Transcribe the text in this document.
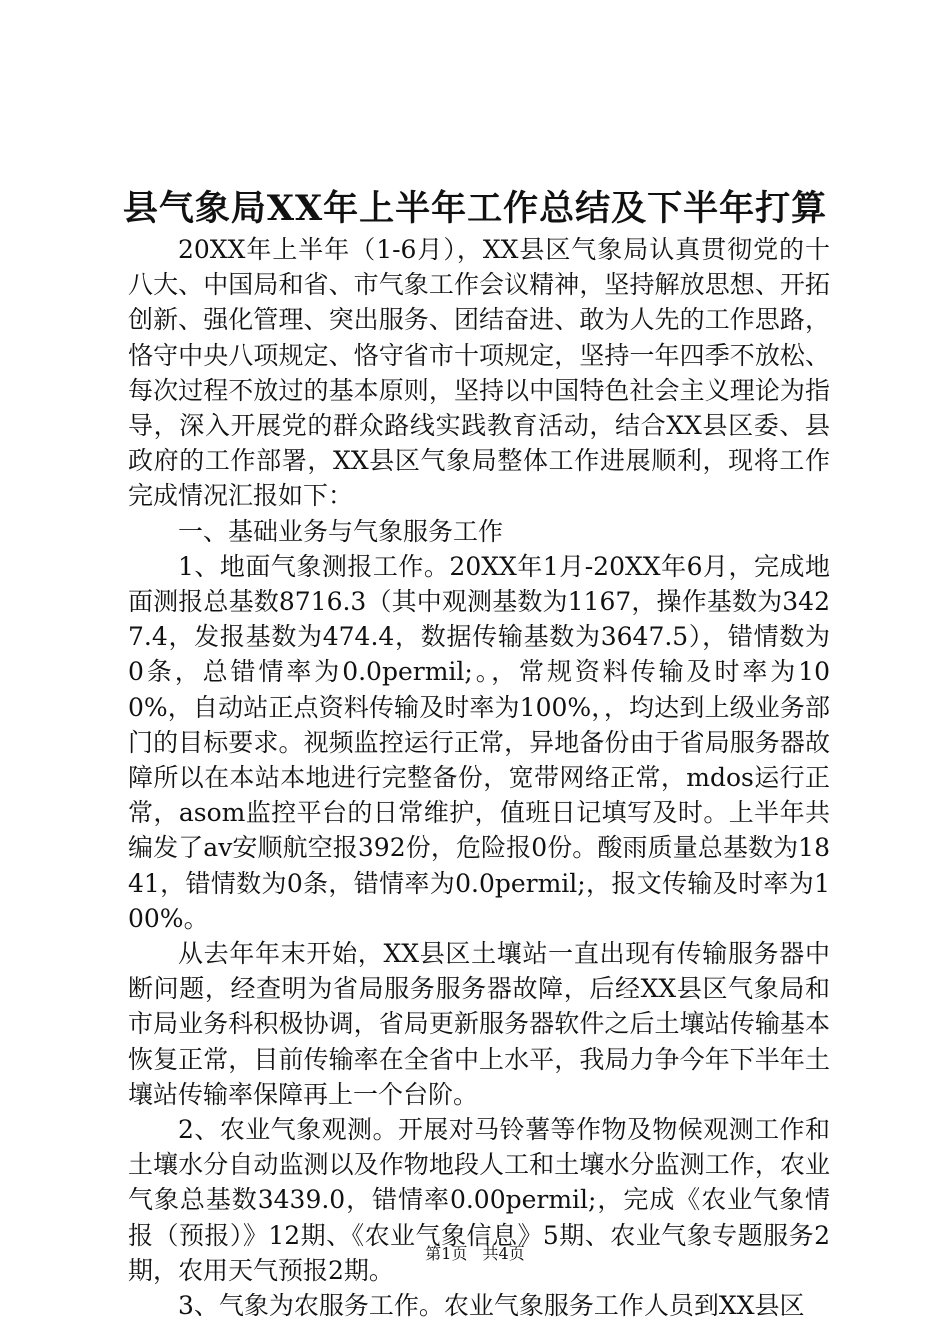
县气象局XX年上半年工作总结及下半年打算

20XX年上半年（1-6月），XX县区气象局认真贯彻党的十八大、中国局和省、市气象工作会议精神，坚持解放思想、开拓创新、强化管理、突出服务、团结奋进、敢为人先的工作思路，恪守中央八项规定、恪守省市十项规定，坚持一年四季不放松、每次过程不放过的基本原则，坚持以中国特色社会主义理论为指导，深入开展党的群众路线实践教育活动，结合XX县区委、县政府的工作部署，XX县区气象局整体工作进展顺利，现将工作完成情况汇报如下：

一、基础业务与气象服务工作

1、地面气象测报工作。20XX年1月-20XX年6月，完成地面测报总基数8716.3（其中观测基数为1167，操作基数为3427.4，发报基数为474.4，数据传输基数为3647.5），错情数为0条，总错情率为0.0permil;。，常规资料传输及时率为100%，自动站正点资料传输及时率为100%，，均达到上级业务部门的目标要求。视频监控运行正常，异地备份由于省局服务器故障所以在本站本地进行完整备份，宽带网络正常，mdos运行正常，asom监控平台的日常维护，值班日记填写及时。上半年共编发了av安顺航空报392份，危险报0份。酸雨质量总基数为1841，错情数为0条，错情率为0.0permil;，报文传输及时率为100%。

从去年年末开始，XX县区土壤站一直出现有传输服务器中断问题，经查明为省局服务服务器故障，后经XX县区气象局和市局业务科积极协调，省局更新服务器软件之后土壤站传输基本恢复正常，目前传输率在全省中上水平，我局力争今年下半年土壤站传输率保障再上一个台阶。

2、农业气象观测。开展对马铃薯等作物及物候观测工作和土壤水分自动监测以及作物地段人工和土壤水分监测工作，农业气象总基数3439.0，错情率0.00permil;，完成《农业气象情报（预报）》12期、《农业气象信息》5期、农业气象专题服务2期，农用天气预报2期。

3、气象为农服务工作。农业气象服务工作人员到XX县区

第1页 共4页
